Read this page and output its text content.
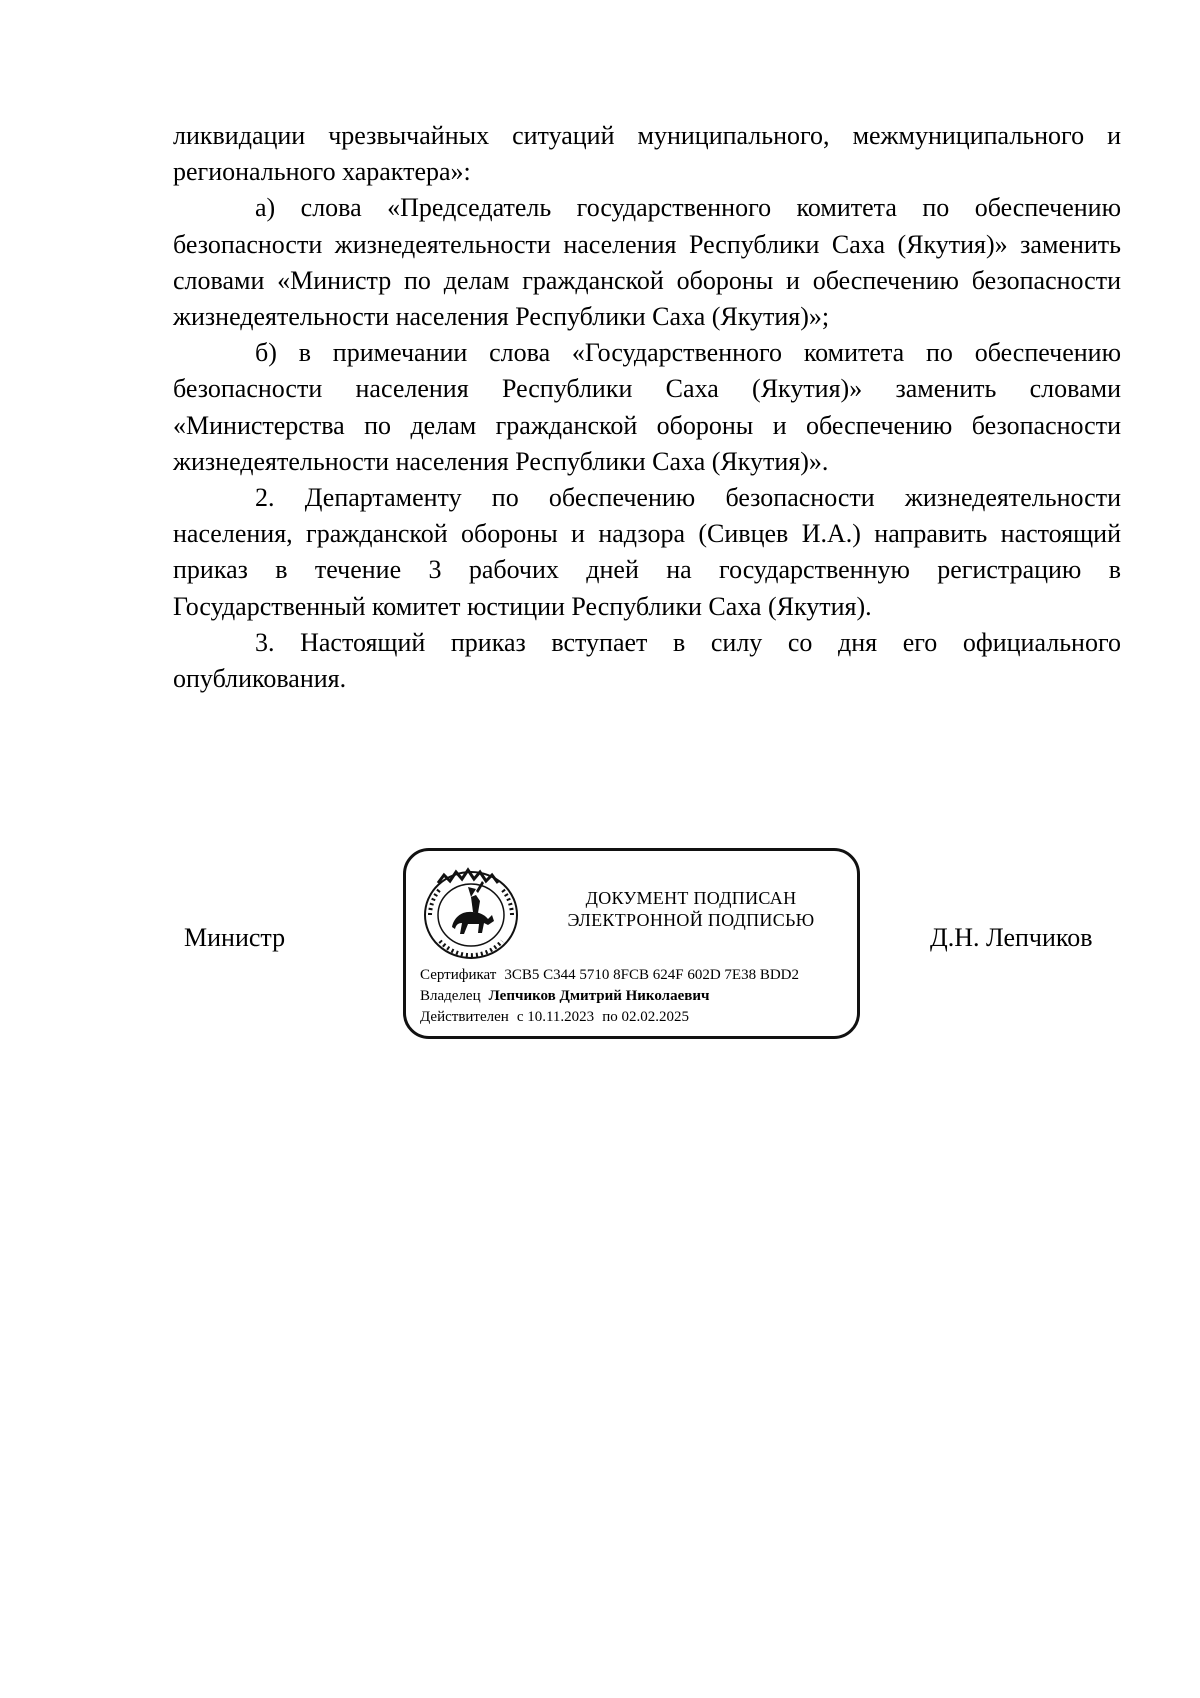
ликвидации чрезвычайных ситуаций муниципального, межмуниципального и регионального характера»:

а) слова «Председатель государственного комитета по обеспечению безопасности жизнедеятельности населения Республики Саха (Якутия)» заменить словами «Министр по делам гражданской обороны и обеспечению безопасности жизнедеятельности населения Республики Саха (Якутия)»;

б) в примечании слова «Государственного комитета по обеспечению безопасности населения Республики Саха (Якутия)» заменить словами «Министерства по делам гражданской обороны и обеспечению безопасности жизнедеятельности населения Республики Саха (Якутия)».

2. Департаменту по обеспечению безопасности жизнедеятельности населения, гражданской обороны и надзора (Сивцев И.А.) направить настоящий приказ в течение 3 рабочих дней на государственную регистрацию в Государственный комитет юстиции Республики Саха (Якутия).

3. Настоящий приказ вступает в силу со дня его официального опубликования.

Министр
ДОКУМЕНТ ПОДПИСАН
ЭЛЕКТРОННОЙ ПОДПИСЬЮ
Сертификат 3CB5 C344 5710 8FCB 624F 602D 7E38 BDD2
Владелец Лепчиков Дмитрий Николаевич
Действителен с 10.11.2023 по 02.02.2025
Д.Н. Лепчиков
